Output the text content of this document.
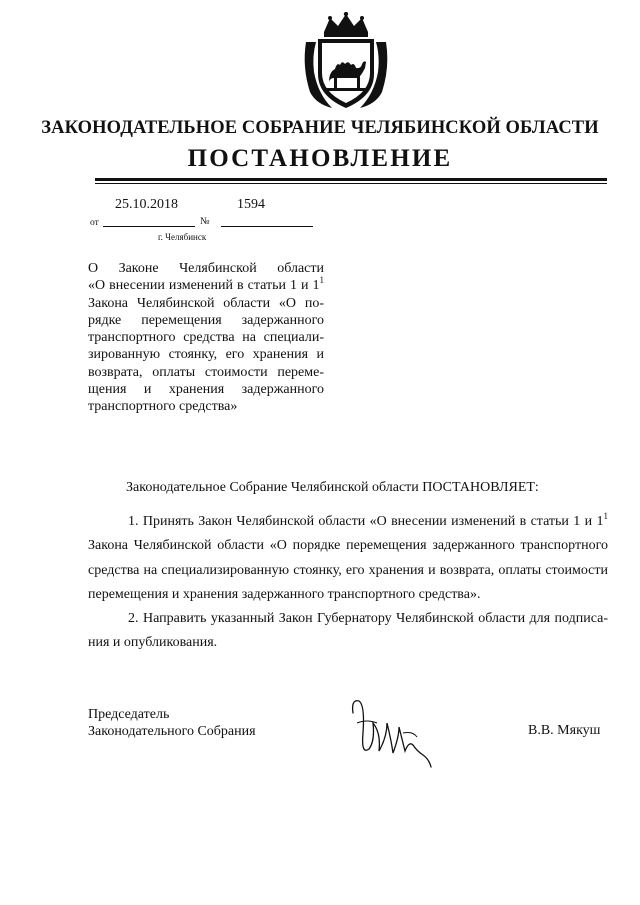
ЗАКОНОДАТЕЛЬНОЕ СОБРАНИЕ ЧЕЛЯБИНСКОЙ ОБЛАСТИ
ПОСТАНОВЛЕНИЕ
25.10.2018	1594
от	№
г. Челябинск
О Законе Челябинской области
«О внесении изменений в статьи 1 и $1^1$
Закона Челябинской области «О по-
рядке перемещения задержанного
транспортного средства на специали-
зированную стоянку, его хранения и
возврата, оплаты стоимости переме-
щения и хранения задержанного
транспортного средства»
Законодательное Собрание Челябинской области ПОСТАНОВЛЯЕТ:
1. Принять Закон Челябинской области «О внесении изменений в статьи 1 и $1^1$
Закона Челябинской области «О порядке перемещения задержанного транспортного
средства на специализированную стоянку, его хранения и возврата, оплаты стоимости
перемещения и хранения задержанного транспортного средства».
2. Направить указанный Закон Губернатору Челябинской области для подписа-
ния и опубликования.
Председатель
Законодательного Собрания	В.В. Мякуш
